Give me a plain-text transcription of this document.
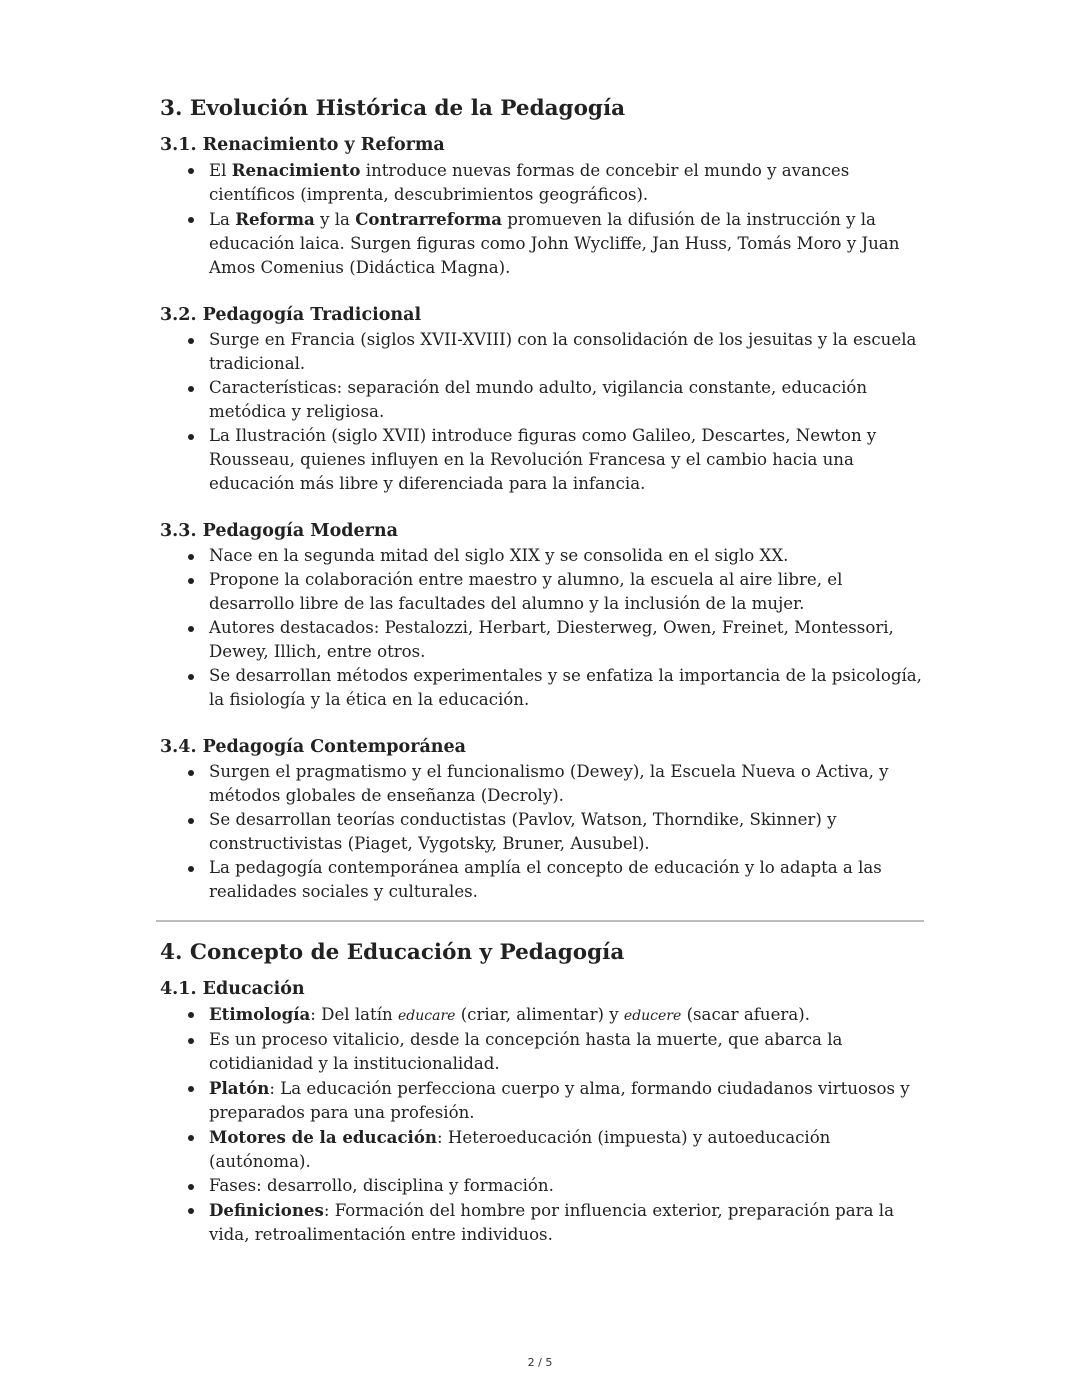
3. Evolución Histórica de la Pedagogía
3.1. Renacimiento y Reforma
El Renacimiento introduce nuevas formas de concebir el mundo y avances científicos (imprenta, descubrimientos geográficos).
La Reforma y la Contrarreforma promueven la difusión de la instrucción y la educación laica. Surgen figuras como John Wycliffe, Jan Huss, Tomás Moro y Juan Amos Comenius (Didáctica Magna).
3.2. Pedagogía Tradicional
Surge en Francia (siglos XVII-XVIII) con la consolidación de los jesuitas y la escuela tradicional.
Características: separación del mundo adulto, vigilancia constante, educación metódica y religiosa.
La Ilustración (siglo XVII) introduce figuras como Galileo, Descartes, Newton y Rousseau, quienes influyen en la Revolución Francesa y el cambio hacia una educación más libre y diferenciada para la infancia.
3.3. Pedagogía Moderna
Nace en la segunda mitad del siglo XIX y se consolida en el siglo XX.
Propone la colaboración entre maestro y alumno, la escuela al aire libre, el desarrollo libre de las facultades del alumno y la inclusión de la mujer.
Autores destacados: Pestalozzi, Herbart, Diesterweg, Owen, Freinet, Montessori, Dewey, Illich, entre otros.
Se desarrollan métodos experimentales y se enfatiza la importancia de la psicología, la fisiología y la ética en la educación.
3.4. Pedagogía Contemporánea
Surgen el pragmatismo y el funcionalismo (Dewey), la Escuela Nueva o Activa, y métodos globales de enseñanza (Decroly).
Se desarrollan teorías conductistas (Pavlov, Watson, Thorndike, Skinner) y constructivistas (Piaget, Vygotsky, Bruner, Ausubel).
La pedagogía contemporánea amplía el concepto de educación y lo adapta a las realidades sociales y culturales.
4. Concepto de Educación y Pedagogía
4.1. Educación
Etimología: Del latín educare (criar, alimentar) y educere (sacar afuera).
Es un proceso vitalicio, desde la concepción hasta la muerte, que abarca la cotidianidad y la institucionalidad.
Platón: La educación perfecciona cuerpo y alma, formando ciudadanos virtuosos y preparados para una profesión.
Motores de la educación: Heteroeducación (impuesta) y autoeducación (autónoma).
Fases: desarrollo, disciplina y formación.
Definiciones: Formación del hombre por influencia exterior, preparación para la vida, retroalimentación entre individuos.
2 / 5
